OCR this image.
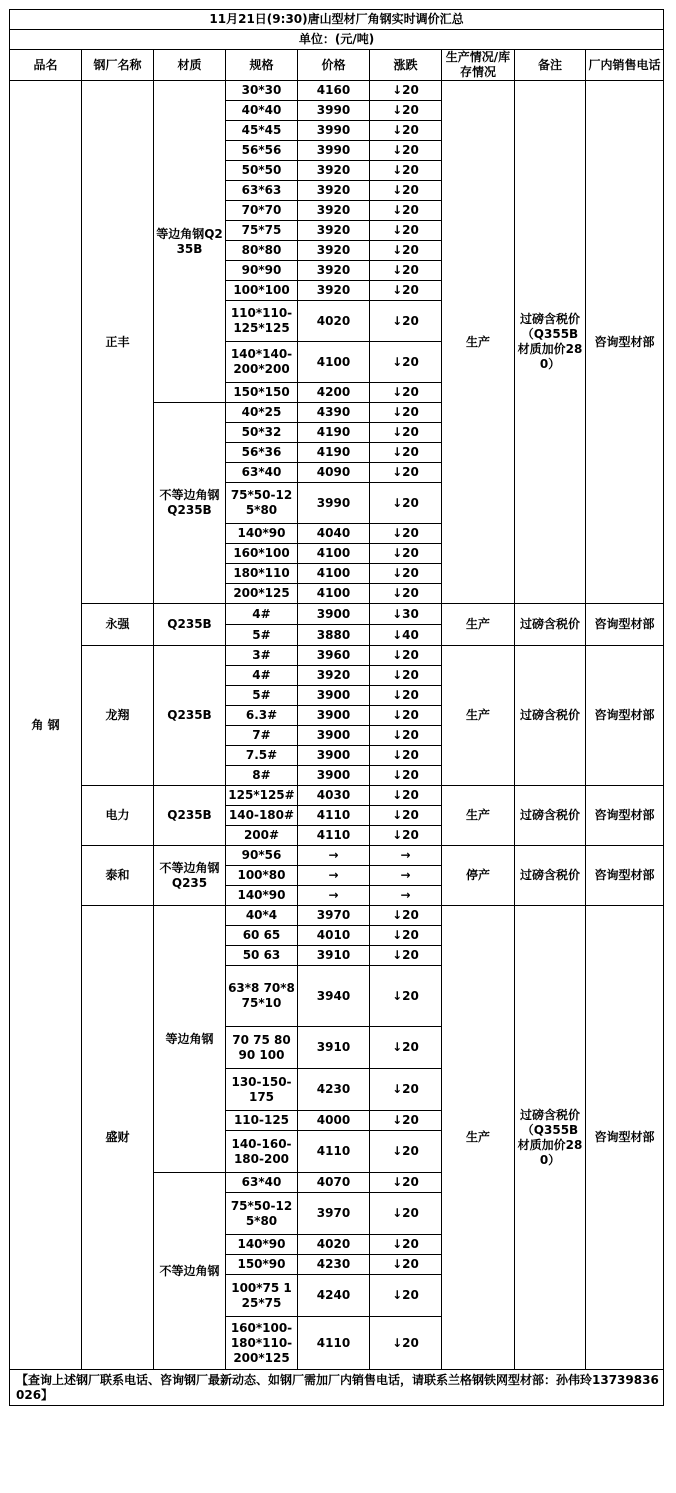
11月21日(9:30)唐山型材厂角钢实时调价汇总								
单位：(元/吨)								
品名	钢厂名称	材质	规格	价格	涨跌	生产情况/库存情况	备注	厂内销售电话
角 钢	正丰	等边角钢Q235B	30*30	4160	↓20	生产	过磅含税价（Q355B材质加价280）	咨询型材部
			40*40	3990	↓20			
			45*45	3990	↓20			
			56*56	3990	↓20			
			50*50	3920	↓20			
			63*63	3920	↓20			
			70*70	3920	↓20			
			75*75	3920	↓20			
			80*80	3920	↓20			
			90*90	3920	↓20			
			100*100	3920	↓20			
			110*110-125*125	4020	↓20			
			140*140-200*200	4100	↓20			
			150*150	4200	↓20			
		不等边角钢Q235B	40*25	4390	↓20			
			50*32	4190	↓20			
			56*36	4190	↓20			
			63*40	4090	↓20			
			75*50-125*80	3990	↓20			
			140*90	4040	↓20			
			160*100	4100	↓20			
			180*110	4100	↓20			
			200*125	4100	↓20			
	永强	Q235B	4#	3900	↓30	生产	过磅含税价	咨询型材部
			5#	3880	↓40			
	龙翔	Q235B	3#	3960	↓20	生产	过磅含税价	咨询型材部
			4#	3920	↓20			
			5#	3900	↓20			
			6.3#	3900	↓20			
			7#	3900	↓20			
			7.5#	3900	↓20			
			8#	3900	↓20			
	电力	Q235B	125*125#	4030	↓20	生产	过磅含税价	咨询型材部
			140-180#	4110	↓20			
			200#	4110	↓20			
	泰和	不等边角钢Q235	90*56	→	→	停产	过磅含税价	咨询型材部
			100*80	→	→			
			140*90	→	→			
	盛财	等边角钢	40*4	3970	↓20	生产	过磅含税价（Q355B材质加价280）	咨询型材部
			60 65	4010	↓20			
			50 63	3910	↓20			
			63*8 70*8 75*10	3940	↓20			
			70 75 80 90 100	3910	↓20			
			130-150-175	4230	↓20			
			110-125	4000	↓20			
			140-160-180-200	4110	↓20			
		不等边角钢	63*40	4070	↓20			
			75*50-125*80	3970	↓20			
			140*90	4020	↓20			
			150*90	4230	↓20			
			100*75 125*75	4240	↓20			
			160*100-180*110-200*125	4110	↓20			
【查询上述钢厂联系电话、咨询钢厂最新动态、如钢厂需加厂内销售电话，请联系兰格钢铁网型材部：孙伟玲13739836026】								
